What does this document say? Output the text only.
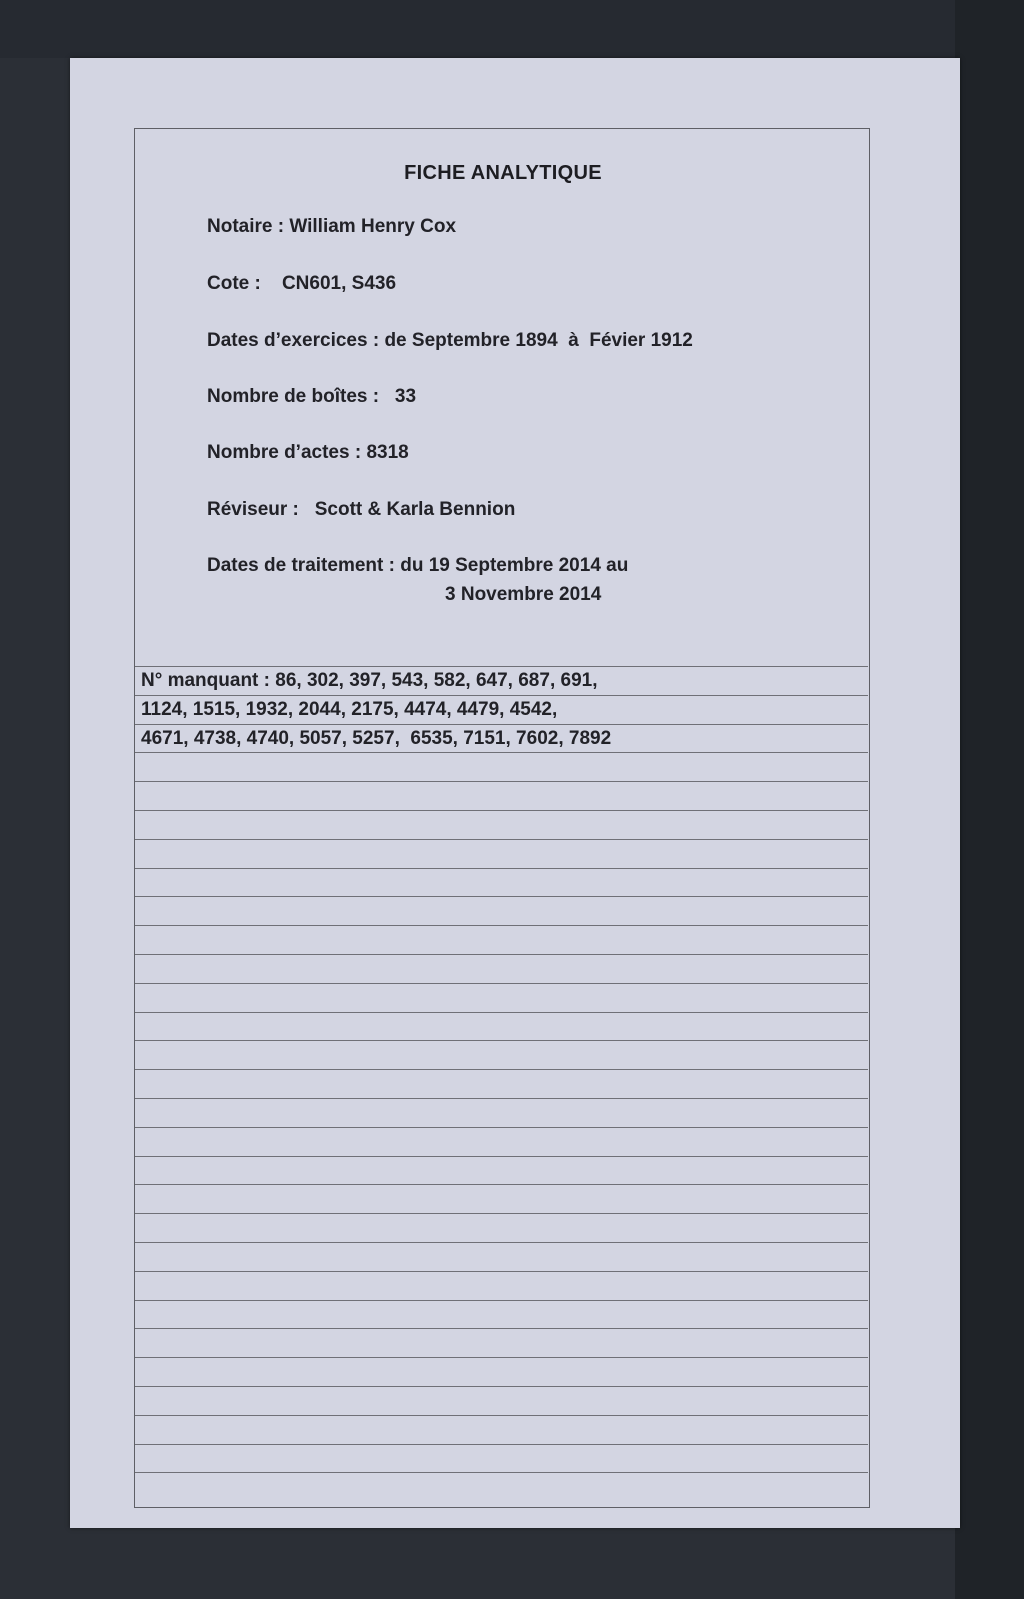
FICHE ANALYTIQUE
Notaire : William Henry Cox
Cote : CN601, S436
Dates d’exercices : de Septembre 1894  à  Févier 1912
Nombre de boîtes : 33
Nombre d’actes : 8318
Réviseur : Scott & Karla Bennion
Dates de traitement : du 19 Septembre 2014 au
3 Novembre 2014
N° manquant : 86, 302, 397, 543, 582, 647, 687, 691,
1124, 1515, 1932, 2044, 2175, 4474, 4479, 4542,
4671, 4738, 4740, 5057, 5257,  6535, 7151, 7602, 7892
